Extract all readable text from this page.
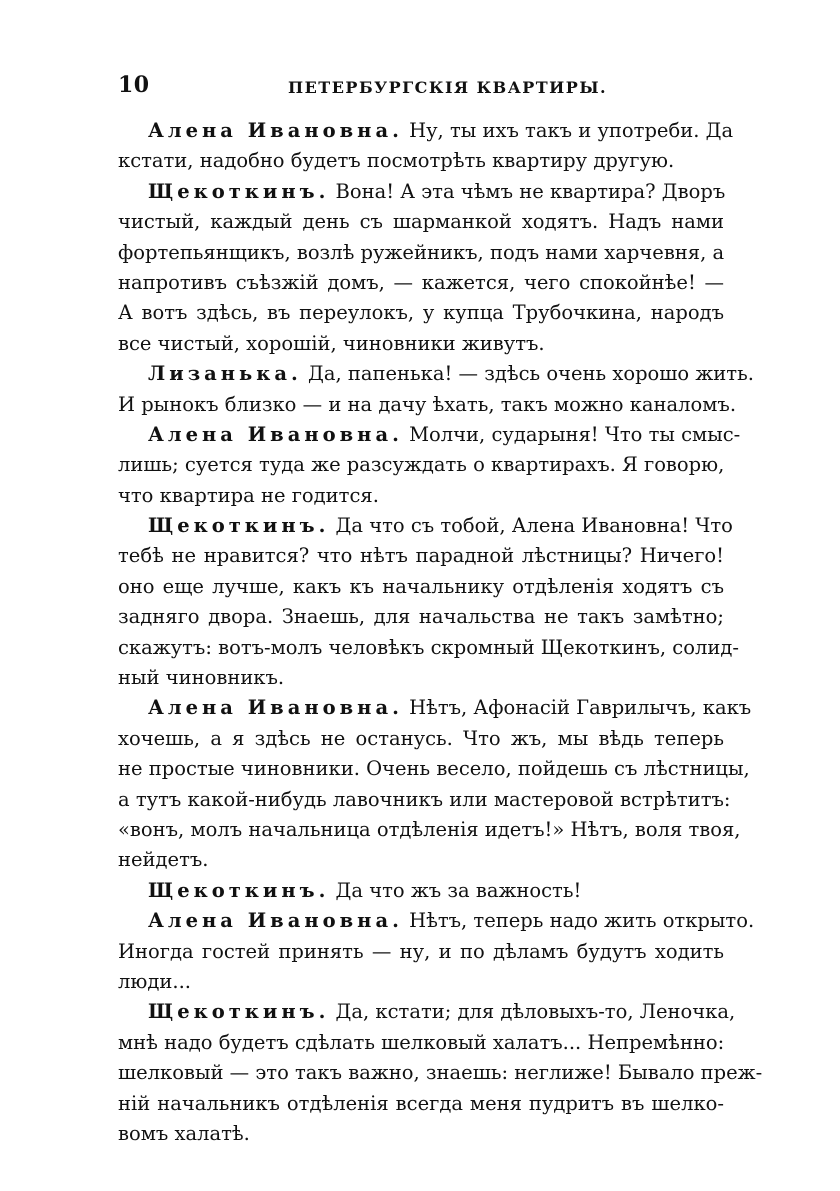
10	ПЕТЕРБУРГСКІЯ КВАРТИРЫ.

Алена Ивановна. Ну, ты ихъ такъ и употреби. Да
кстати, надобно будетъ посмотрѣть квартиру другую.

Щекоткинъ. Вона! А эта чѣмъ не квартира? Дворъ
чистый, каждый день съ шарманкой ходятъ. Надъ нами
фортепьянщикъ, возлѣ ружейникъ, подъ нами харчевня, а
напротивъ съѣзжій домъ, — кажется, чего спокойнѣе! —
А вотъ здѣсь, въ переулокъ, у купца Трубочкина, народъ
все чистый, хорошій, чиновники живутъ.

Лизанька. Да, папенька! — здѣсь очень хорошо жить.
И рынокъ близко — и на дачу ѣхать, такъ можно каналомъ.

Алена Ивановна. Молчи, сударыня! Что ты смыс-
лишь; суется туда же разсуждать о квартирахъ. Я говорю,
что квартира не годится.

Щекоткинъ. Да что съ тобой, Алена Ивановна! Что
тебѣ не нравится? что нѣтъ парадной лѣстницы? Ничего!
оно еще лучше, какъ къ начальнику отдѣленія ходятъ съ
задняго двора. Знаешь, для начальства не такъ замѣтно;
скажутъ: вотъ-молъ человѣкъ скромный Щекоткинъ, солид-
ный чиновникъ.

Алена Ивановна. Нѣтъ, Афонасій Гаврилычъ, какъ
хочешь, а я здѣсь не останусь. Что жъ, мы вѣдь теперь
не простые чиновники. Очень весело, пойдешь съ лѣстницы,
а тутъ какой-нибудь лавочникъ или мастеровой встрѣтитъ:
«вонъ, молъ начальница отдѣленія идетъ!» Нѣтъ, воля твоя,
нейдетъ.

Щекоткинъ. Да что жъ за важность!

Алена Ивановна. Нѣтъ, теперь надо жить открыто.
Иногда гостей принять — ну, и по дѣламъ будутъ ходить
люди...

Щекоткинъ. Да, кстати; для дѣловыхъ-то, Леночка,
мнѣ надо будетъ сдѣлать шелковый халатъ... Непремѣнно:
шелковый — это такъ важно, знаешь: неглиже! Бывало преж-
ній начальникъ отдѣленія всегда меня пудритъ въ шелко-
вомъ халатѣ.
